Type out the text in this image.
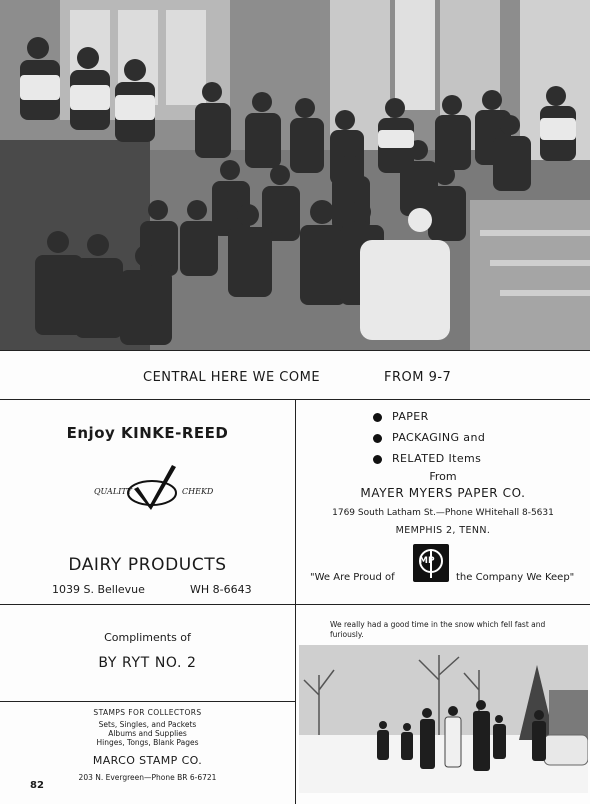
CENTRAL HERE WE COME	FROM 9-7
Enjoy KINKE-REED
QUALITY	CHEKD
DAIRY PRODUCTS
1039 S. Bellevue	WH 8-6643
PAPER
PACKAGING and
RELATED Items
From
MAYER MYERS PAPER CO.
1769 South Latham St.—Phone WHitehall 8-5631
MEMPHIS 2, TENN.
MP
"We Are Proud of	the Company We Keep"
Compliments of
BY RYT NO. 2
STAMPS FOR COLLECTORS
Sets, Singles, and Packets
Albums and Supplies
Hinges, Tongs, Blank Pages
MARCO STAMP CO.
203 N. Evergreen—Phone BR 6-6721
82
We really had a good time in the snow which fell fast and furiously.
